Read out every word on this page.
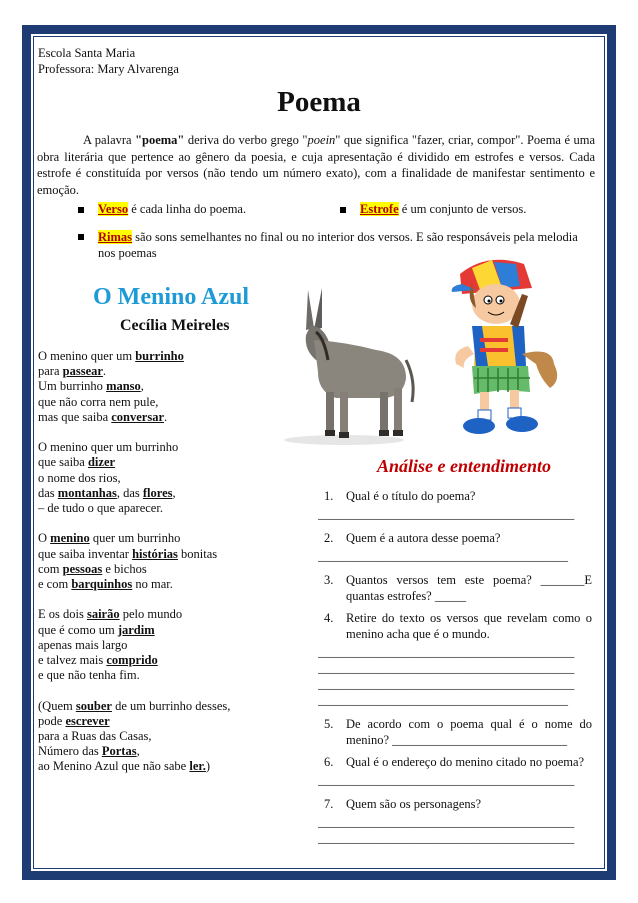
Escola Santa Maria
Professora: Mary Alvarenga
Poema
A palavra "poema" deriva do verbo grego "poein" que significa "fazer, criar, compor". Poema é uma obra literária que pertence ao gênero da poesia, e cuja apresentação é dividido em estrofes e versos. Cada estrofe é constituída por versos (não tendo um número exato), com a finalidade de manifestar sentimento e emoção.
Verso é cada linha do poema.	Estrofe é um conjunto de versos.
Rimas são sons semelhantes no final ou no interior dos versos. E são responsáveis pela melodia nos poemas
O Menino Azul
Cecília Meireles
O menino quer um burrinho
para passear.
Um burrinho manso,
que não corra nem pule,
mas que saiba conversar.
O menino quer um burrinho
que saiba dizer
o nome dos rios,
das montanhas, das flores,
– de tudo o que aparecer.
O menino quer um burrinho
que saiba inventar histórias bonitas
com pessoas e bichos
e com barquinhos no mar.
E os dois sairão pelo mundo
que é como um jardim
apenas mais largo
e talvez mais comprido
e que não tenha fim.
(Quem souber de um burrinho desses,
pode escrever
para a Ruas das Casas,
Número das Portas,
ao Menino Azul que não sabe ler.)
Análise e entendimento
1.	Qual é o título do poema?
_________________________________________
2.	Quem é a autora desse poema?
________________________________________
3.	Quantos versos tem este poema? _______E quantas estrofes? _____
4.	Retire do texto os versos que revelam como o menino acha que é o mundo.
_________________________________________
_________________________________________
_________________________________________
________________________________________
5.	De acordo com o poema qual é o nome do menino? ____________________________
6.	Qual é o endereço do menino citado no poema?
_________________________________________
7.	Quem são os personagens?
_________________________________________
_________________________________________
